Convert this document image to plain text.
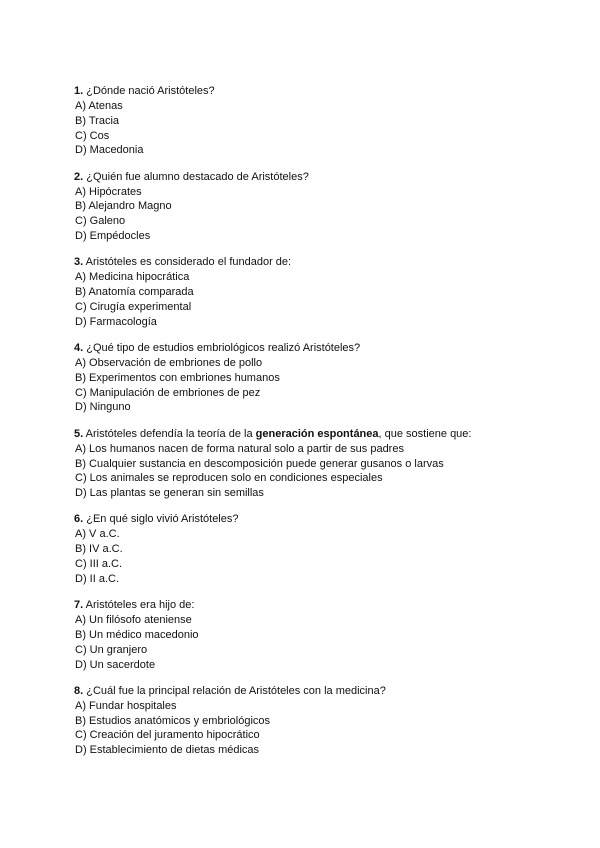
1. ¿Dónde nació Aristóteles?

A) Atenas

B) Tracia

C) Cos

D) Macedonia

2. ¿Quién fue alumno destacado de Aristóteles?

A) Hipócrates

B) Alejandro Magno

C) Galeno

D) Empédocles

3. Aristóteles es considerado el fundador de:

A) Medicina hipocrática

B) Anatomía comparada

C) Cirugía experimental

D) Farmacología

4. ¿Qué tipo de estudios embriológicos realizó Aristóteles?

A) Observación de embriones de pollo

B) Experimentos con embriones humanos

C) Manipulación de embriones de pez

D) Ninguno

5. Aristóteles defendía la teoría de la generación espontánea, que sostiene que:

A) Los humanos nacen de forma natural solo a partir de sus padres

B) Cualquier sustancia en descomposición puede generar gusanos o larvas

C) Los animales se reproducen solo en condiciones especiales

D) Las plantas se generan sin semillas

6. ¿En qué siglo vivió Aristóteles?

A) V a.C.

B) IV a.C.

C) III a.C.

D) II a.C.

7. Aristóteles era hijo de:

A) Un filósofo ateniense

B) Un médico macedonio

C) Un granjero

D) Un sacerdote

8. ¿Cuál fue la principal relación de Aristóteles con la medicina?

A) Fundar hospitales

B) Estudios anatómicos y embriológicos

C) Creación del juramento hipocrático

D) Establecimiento de dietas médicas
